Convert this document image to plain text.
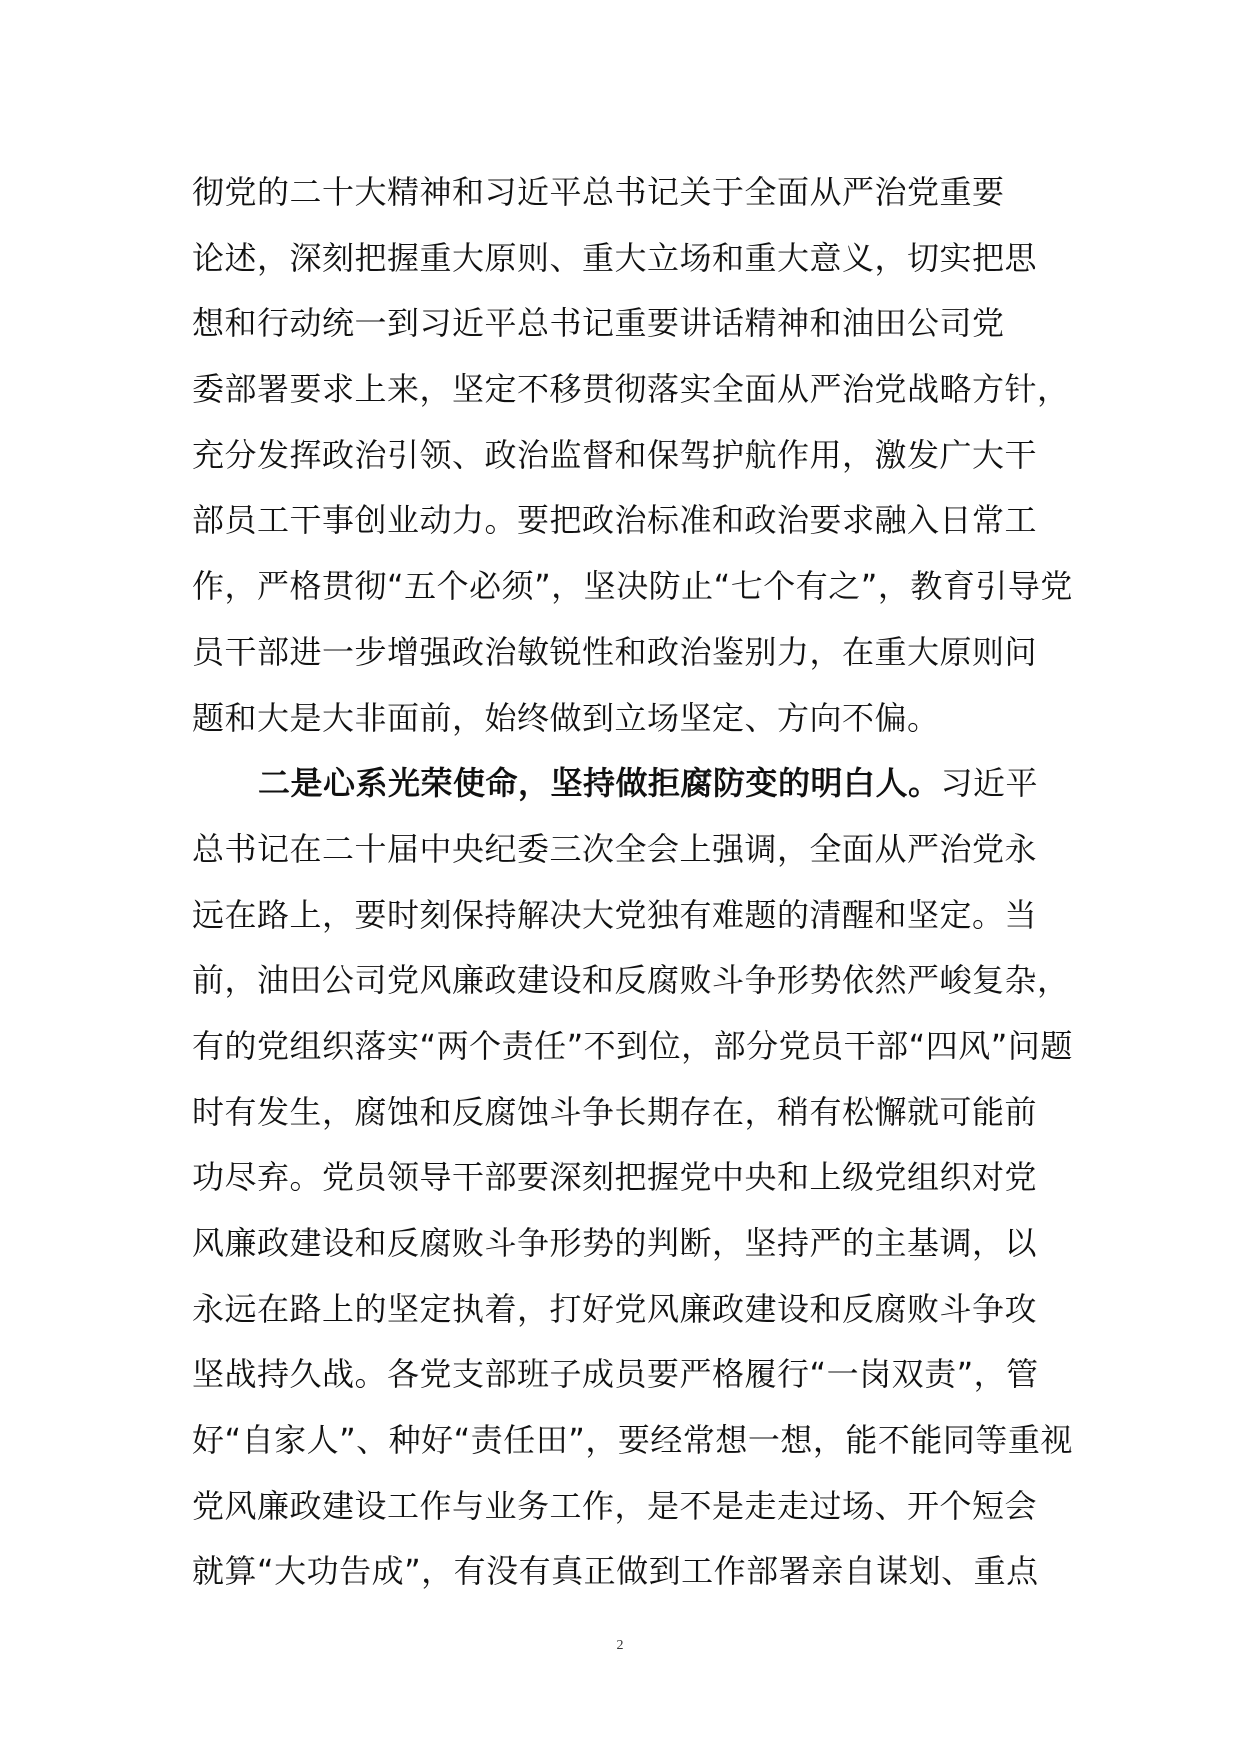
彻党的二十大精神和习近平总书记关于全面从严治党重要
论述，深刻把握重大原则、重大立场和重大意义，切实把思
想和行动统一到习近平总书记重要讲话精神和油田公司党
委部署要求上来，坚定不移贯彻落实全面从严治党战略方针，
充分发挥政治引领、政治监督和保驾护航作用，激发广大干
部员工干事创业动力。要把政治标准和政治要求融入日常工
作，严格贯彻“五个必须”，坚决防止“七个有之”，教育引导党
员干部进一步增强政治敏锐性和政治鉴别力，在重大原则问
题和大是大非面前，始终做到立场坚定、方向不偏。
二是心系光荣使命，坚持做拒腐防变的明白人。习近平
总书记在二十届中央纪委三次全会上强调，全面从严治党永
远在路上，要时刻保持解决大党独有难题的清醒和坚定。当
前，油田公司党风廉政建设和反腐败斗争形势依然严峻复杂，
有的党组织落实“两个责任”不到位，部分党员干部“四风”问题
时有发生，腐蚀和反腐蚀斗争长期存在，稍有松懈就可能前
功尽弃。党员领导干部要深刻把握党中央和上级党组织对党
风廉政建设和反腐败斗争形势的判断，坚持严的主基调，以
永远在路上的坚定执着，打好党风廉政建设和反腐败斗争攻
坚战持久战。各党支部班子成员要严格履行“一岗双责”，管
好“自家人”、种好“责任田”，要经常想一想，能不能同等重视
党风廉政建设工作与业务工作，是不是走走过场、开个短会
就算“大功告成”，有没有真正做到工作部署亲自谋划、重点
2
